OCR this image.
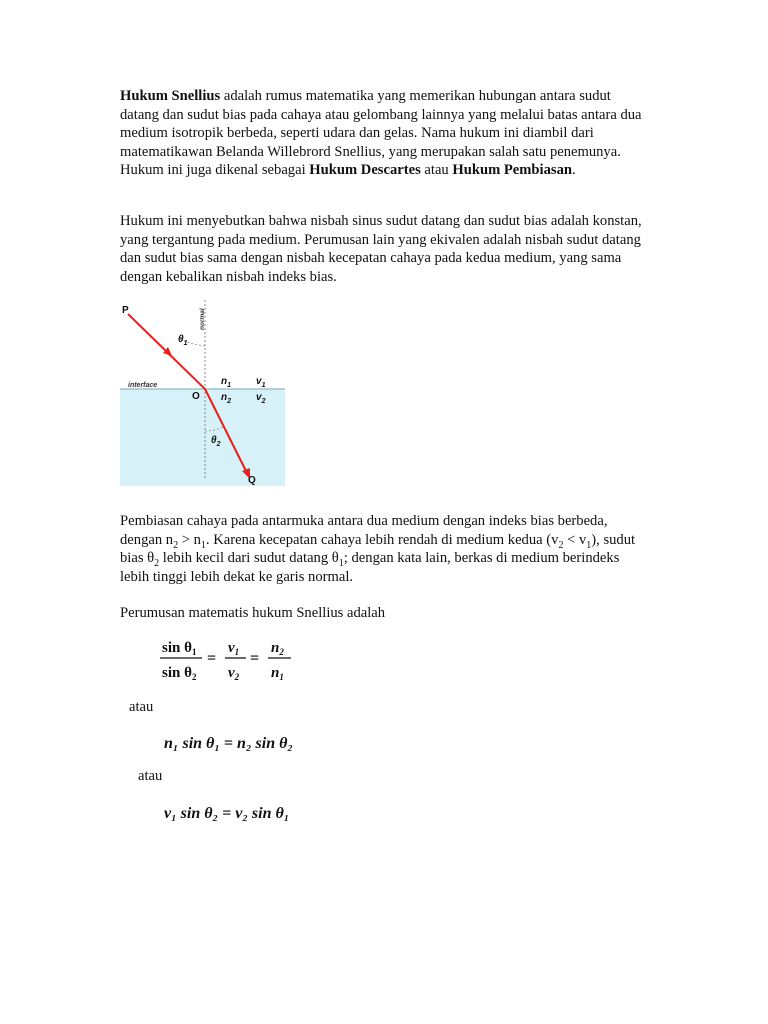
Hukum Snellius adalah rumus matematika yang memerikan hubungan antara sudut datang dan sudut bias pada cahaya atau gelombang lainnya yang melalui batas antara dua medium isotropik berbeda, seperti udara dan gelas. Nama hukum ini diambil dari matematikawan Belanda Willebrord Snellius, yang merupakan salah satu penemunya. Hukum ini juga dikenal sebagai Hukum Descartes atau Hukum Pembiasan.

Hukum ini menyebutkan bahwa nisbah sinus sudut datang dan sudut bias adalah konstan, yang tergantung pada medium. Perumusan lain yang ekivalen adalah nisbah sudut datang dan sudut bias sama dengan nisbah kecepatan cahaya pada kedua medium, yang sama dengan kebalikan nisbah indeks bias.

P
Q
O
normal
interface
$\theta_1$
$\theta_2$
$n_1$ $v_1$
$n_2$ $v_2$

Pembiasan cahaya pada antarmuka antara dua medium dengan indeks bias berbeda, dengan $n_2 > n_1$. Karena kecepatan cahaya lebih rendah di medium kedua $(v_2 < v_1)$, sudut bias $\theta_2$ lebih kecil dari sudut datang $\theta_1$; dengan kata lain, berkas di medium berindeks lebih tinggi lebih dekat ke garis normal.

Perumusan matematis hukum Snellius adalah

$\sin \theta_1$
$\sin \theta_2$
=
$v_1$
$v_2$
=
$n_2$
$n_1$
atau
n₁ sin θ₁ = n₂ sin θ₂
atau
v₁ sin θ₂ = v₂ sin θ₁
